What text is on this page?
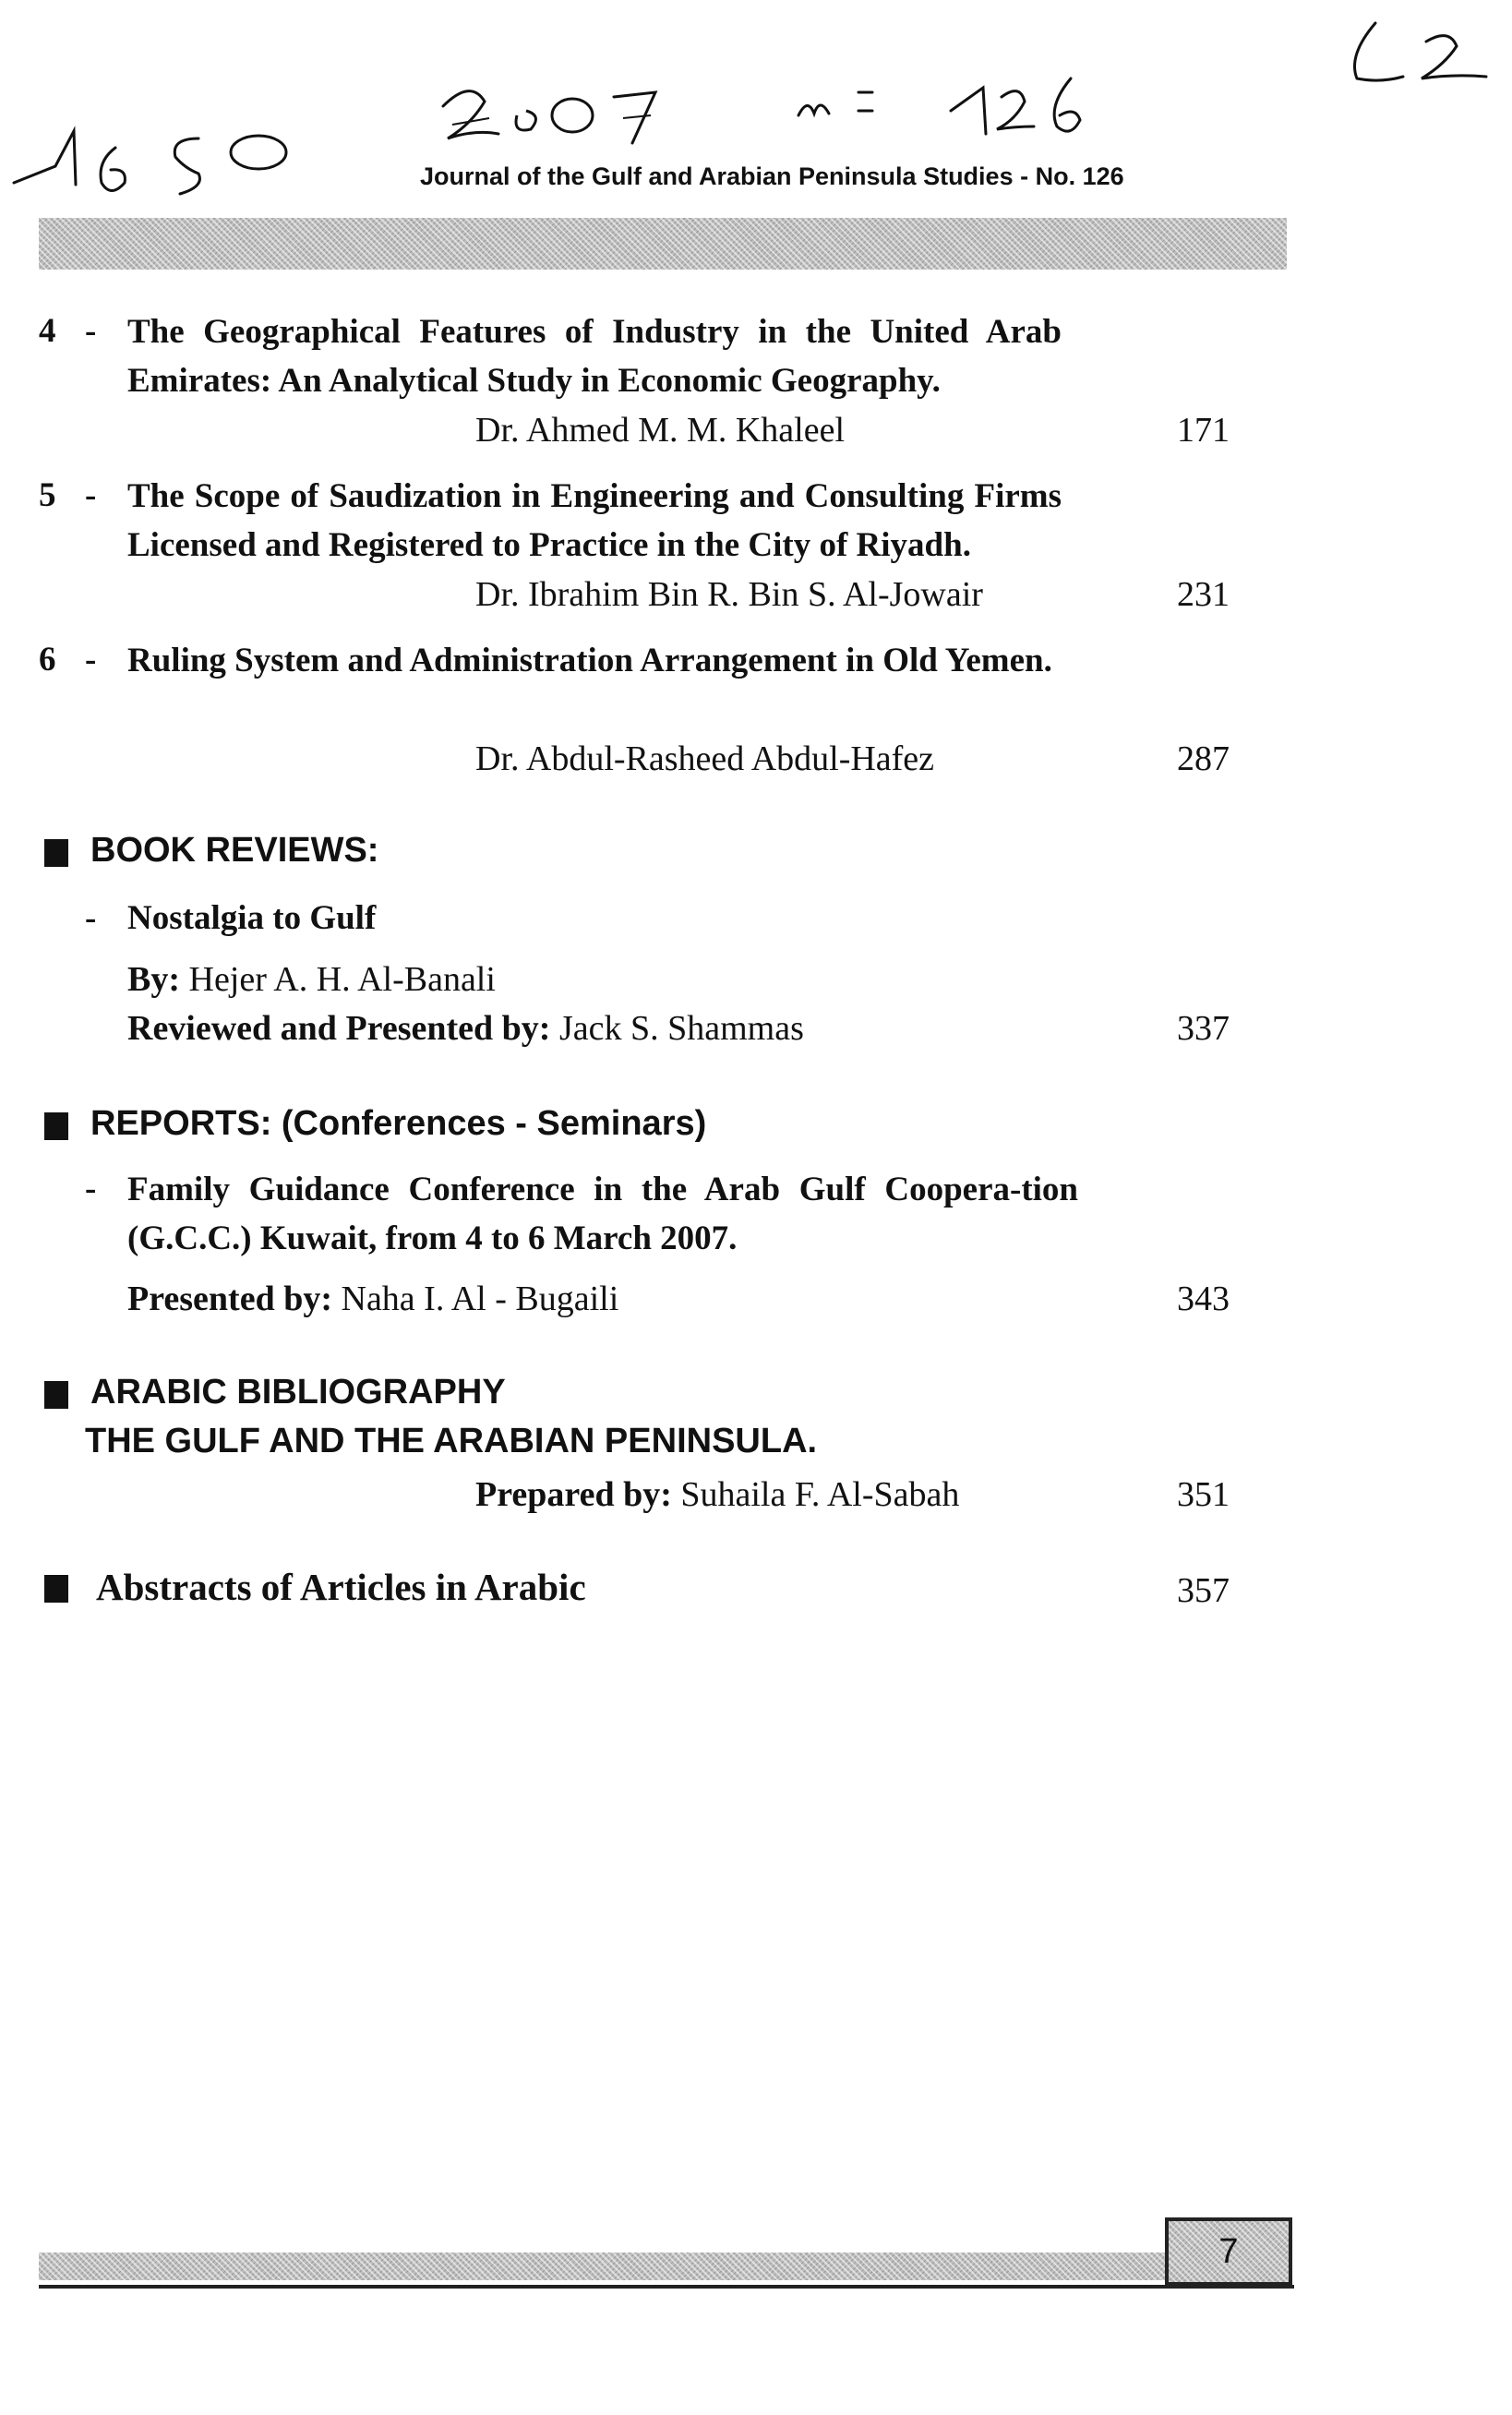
Journal of the Gulf and Arabian Peninsula Studies - No. 126
4 - The Geographical Features of Industry in the United Arab Emirates: An Analytical Study in Economic Geography.
Dr. Ahmed M. M. Khaleel	171
5 - The Scope of Saudization in Engineering and Consulting Firms Licensed and Registered to Practice in the City of Riyadh.
Dr. Ibrahim Bin R. Bin S. Al-Jowair	231
6 - Ruling System and Administration Arrangement in Old Yemen.
Dr. Abdul-Rasheed Abdul-Hafez	287
BOOK REVIEWS:
- Nostalgia to Gulf
By: Hejer A. H. Al-Banali
Reviewed and Presented by: Jack S. Shammas	337
REPORTS: (Conferences - Seminars)
- Family Guidance Conference in the Arab Gulf Coopera-tion (G.C.C.) Kuwait, from 4 to 6 March 2007.
Presented by: Naha I. Al - Bugaili	343
ARABIC BIBLIOGRAPHY
THE GULF AND THE ARABIAN PENINSULA.
Prepared by: Suhaila F. Al-Sabah	351
Abstracts of Articles in Arabic	357
7
